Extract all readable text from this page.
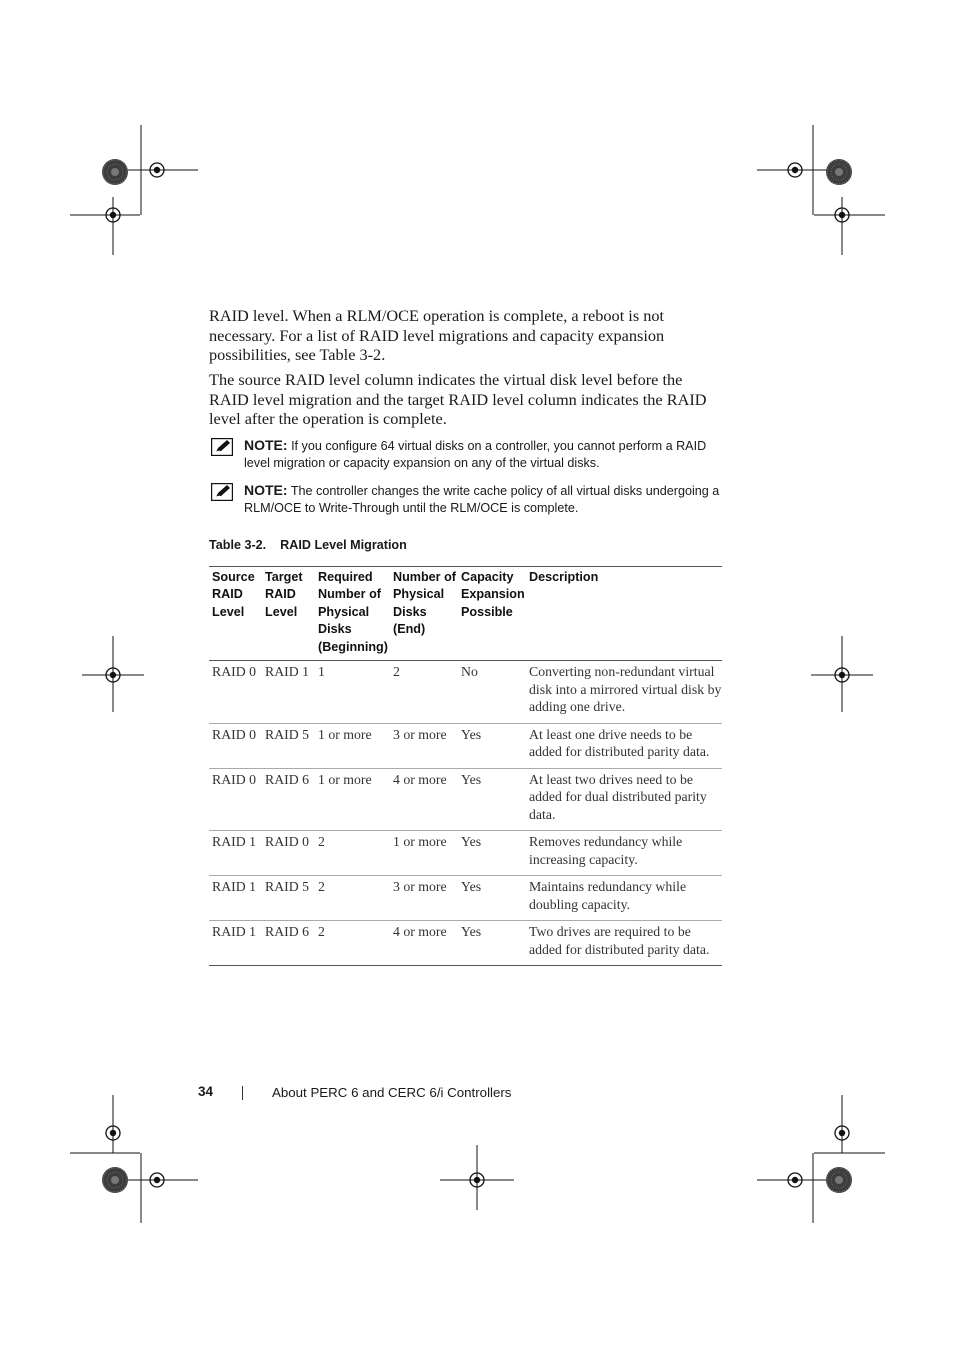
RAID level. When a RLM/OCE operation is complete, a reboot is not necessary. For a list of RAID level migrations and capacity expansion possibilities, see Table 3-2.

The source RAID level column indicates the virtual disk level before the RAID level migration and the target RAID level column indicates the RAID level after the operation is complete.

NOTE: If you configure 64 virtual disks on a controller, you cannot perform a RAID level migration or capacity expansion on any of the virtual disks.
NOTE: The controller changes the write cache policy of all virtual disks undergoing a RLM/OCE to Write-Through until the RLM/OCE is complete.
Table 3-2. RAID Level Migration
Source RAID Level	Target RAID Level	Required Number of Physical Disks (Beginning)	Number of Physical Disks (End)	Capacity Expansion Possible	Description
RAID 0	RAID 1	1	2	No	Converting non-redundant virtual disk into a mirrored virtual disk by adding one drive.
RAID 0	RAID 5	1 or more	3 or more	Yes	At least one drive needs to be added for distributed parity data.
RAID 0	RAID 6	1 or more	4 or more	Yes	At least two drives need to be added for dual distributed parity data.
RAID 1	RAID 0	2	1 or more	Yes	Removes redundancy while increasing capacity.
RAID 1	RAID 5	2	3 or more	Yes	Maintains redundancy while doubling capacity.
RAID 1	RAID 6	2	4 or more	Yes	Two drives are required to be added for distributed parity data.
34	About PERC 6 and CERC 6/i Controllers
